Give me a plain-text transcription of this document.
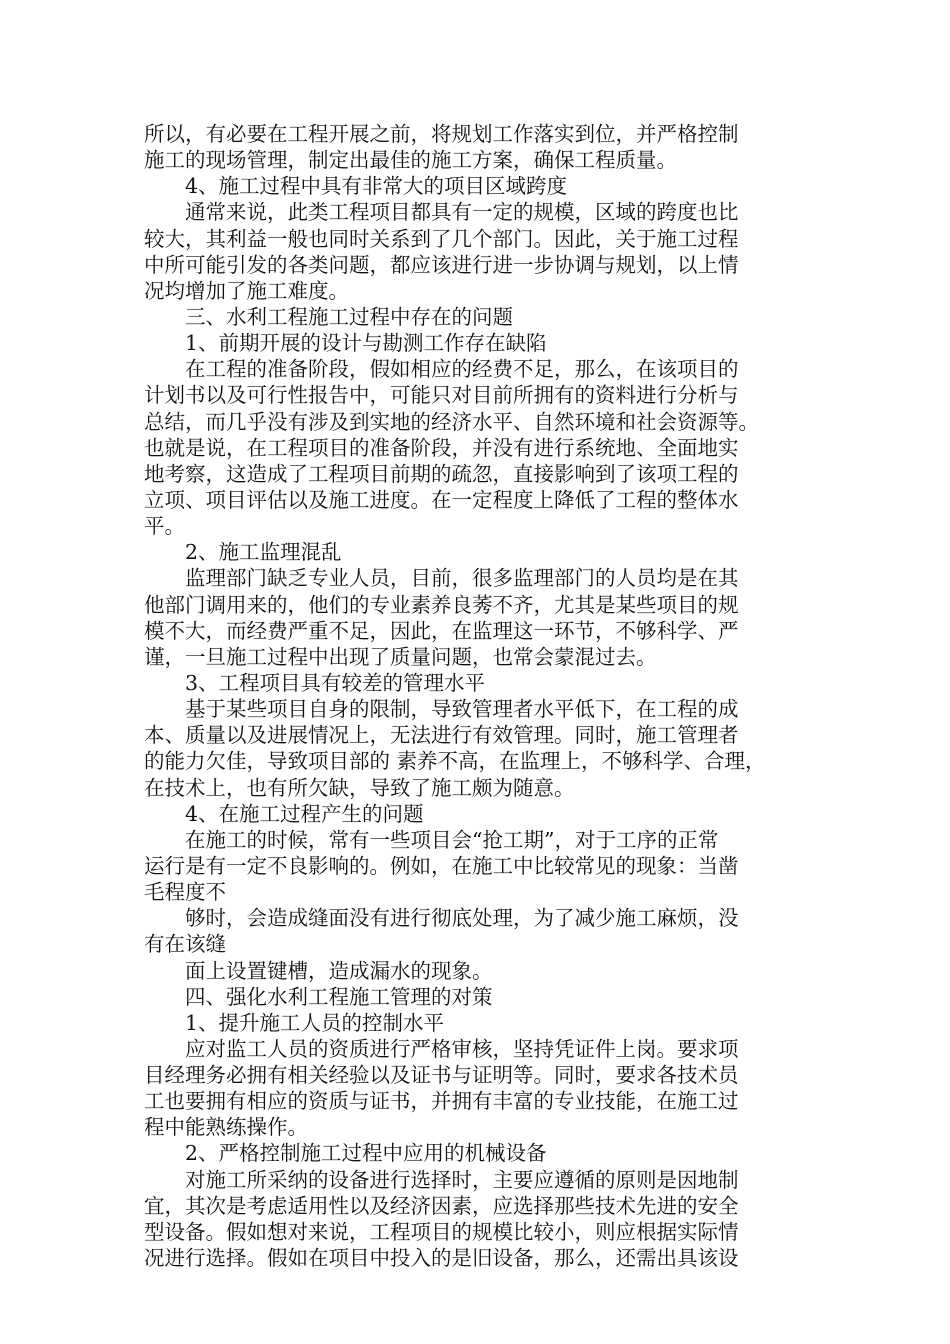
所以，有必要在工程开展之前，将规划工作落实到位，并严格控制
施工的现场管理，制定出最佳的施工方案，确保工程质量。
4、施工过程中具有非常大的项目区域跨度
通常来说，此类工程项目都具有一定的规模，区域的跨度也比
较大，其利益一般也同时关系到了几个部门。因此，关于施工过程
中所可能引发的各类问题，都应该进行进一步协调与规划，以上情
况均增加了施工难度。
三、水利工程施工过程中存在的问题
1、前期开展的设计与勘测工作存在缺陷
在工程的准备阶段，假如相应的经费不足，那么，在该项目的
计划书以及可行性报告中，可能只对目前所拥有的资料进行分析与
总结，而几乎没有涉及到实地的经济水平、自然环境和社会资源等。
也就是说，在工程项目的准备阶段，并没有进行系统地、全面地实
地考察，这造成了工程项目前期的疏忽，直接影响到了该项工程的
立项、项目评估以及施工进度。在一定程度上降低了工程的整体水
平。
2、施工监理混乱
监理部门缺乏专业人员，目前，很多监理部门的人员均是在其
他部门调用来的，他们的专业素养良莠不齐，尤其是某些项目的规
模不大，而经费严重不足，因此，在监理这一环节，不够科学、严
谨，一旦施工过程中出现了质量问题，也常会蒙混过去。
3、工程项目具有较差的管理水平
基于某些项目自身的限制，导致管理者水平低下，在工程的成
本、质量以及进展情况上，无法进行有效管理。同时，施工管理者
的能力欠佳，导致项目部的 素养不高，在监理上，不够科学、合理，
在技术上，也有所欠缺，导致了施工颇为随意。
4、在施工过程产生的问题
在施工的时候，常有一些项目会“抢工期”，对于工序的正常
运行是有一定不良影响的。例如，在施工中比较常见的现象：当凿
毛程度不
够时，会造成缝面没有进行彻底处理，为了减少施工麻烦，没
有在该缝
面上设置键槽，造成漏水的现象。
四、强化水利工程施工管理的对策
1、提升施工人员的控制水平
应对监工人员的资质进行严格审核，坚持凭证件上岗。要求项
目经理务必拥有相关经验以及证书与证明等。同时，要求各技术员
工也要拥有相应的资质与证书，并拥有丰富的专业技能，在施工过
程中能熟练操作。
2、严格控制施工过程中应用的机械设备
对施工所采纳的设备进行选择时，主要应遵循的原则是因地制
宜，其次是考虑适用性以及经济因素，应选择那些技术先进的安全
型设备。假如想对来说，工程项目的规模比较小，则应根据实际情
况进行选择。假如在项目中投入的是旧设备，那么，还需出具该设
